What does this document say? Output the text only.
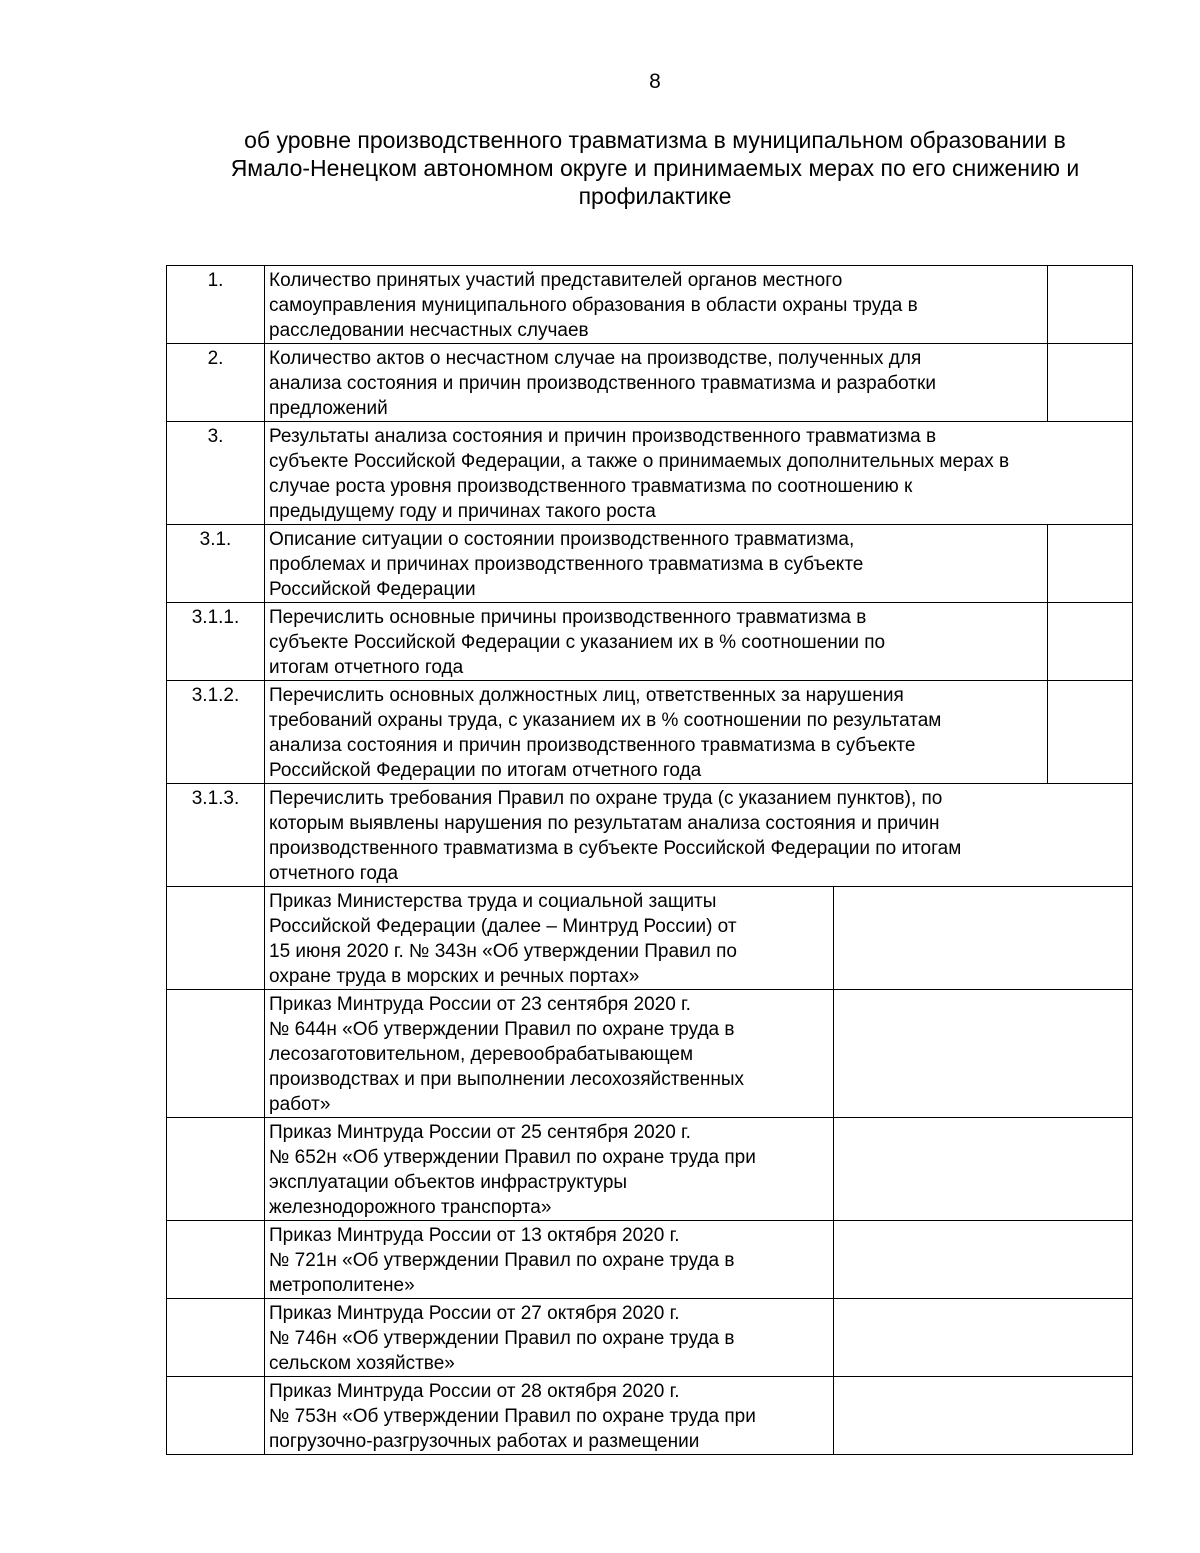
8
об уровне производственного травматизма в муниципальном образовании в
Ямало-Ненецком автономном округе и принимаемых мерах по его снижению и
профилактике
1.	Количество принятых участий представителей органов местного
самоуправления муниципального образования в области охраны труда в
расследовании несчастных случаев		

2.	Количество актов о несчастном случае на производстве, полученных для
анализа состояния и причин производственного травматизма и разработки
предложений		

3.	Результаты анализа состояния и причин производственного травматизма в
субъекте Российской Федерации, а также о принимаемых дополнительных мерах в
случае роста уровня производственного травматизма по соотношению к
предыдущему году и причинах такого роста		

3.1.	Описание ситуации о состоянии производственного травматизма,
проблемах и причинах производственного травматизма в субъекте
Российской Федерации		

3.1.1.	Перечислить основные причины производственного травматизма в
субъекте Российской Федерации с указанием их в % соотношении по
итогам отчетного года		

3.1.2.	Перечислить основных должностных лиц, ответственных за нарушения
требований охраны труда, с указанием их в % соотношении по результатам
анализа состояния и причин производственного травматизма в субъекте
Российской Федерации по итогам отчетного года		

3.1.3.	Перечислить требования Правил по охране труда (с указанием пунктов), по
которым выявлены нарушения по результатам анализа состояния и причин
производственного травматизма в субъекте Российской Федерации по итогам
отчетного года		

	Приказ Министерства труда и социальной защиты
Российской Федерации (далее – Минтруд России) от
15 июня 2020 г. № 343н «Об утверждении Правил по
охране труда в морских и речных портах»		

	Приказ Минтруда России от 23 сентября 2020 г.
№ 644н «Об утверждении Правил по охране труда в
лесозаготовительном, деревообрабатывающем
производствах и при выполнении лесохозяйственных
работ»		

	Приказ Минтруда России от 25 сентября 2020 г.
№ 652н «Об утверждении Правил по охране труда при
эксплуатации объектов инфраструктуры
железнодорожного транспорта»		

	Приказ Минтруда России от 13 октября 2020 г.
№ 721н «Об утверждении Правил по охране труда в
метрополитене»		

	Приказ Минтруда России от 27 октября 2020 г.
№ 746н «Об утверждении Правил по охране труда в
сельском хозяйстве»		

	Приказ Минтруда России от 28 октября 2020 г.
№ 753н «Об утверждении Правил по охране труда при
погрузочно-разгрузочных работах и размещении		
